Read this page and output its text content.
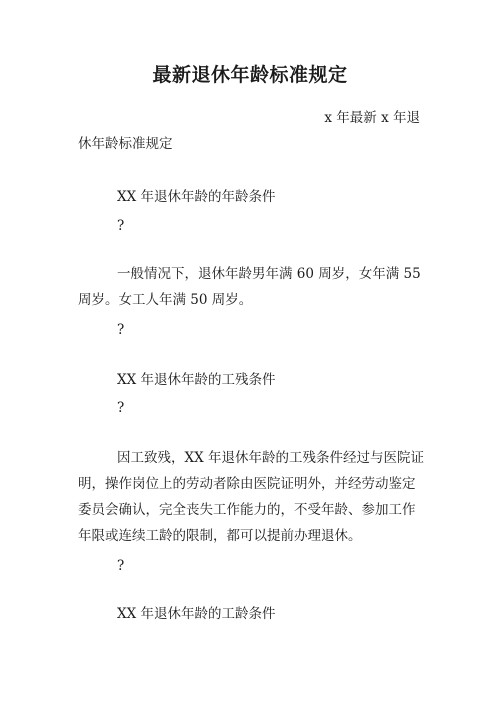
最新退休年龄标准规定

x 年最新 x 年退

休年龄标准规定

XX 年退休年龄的年龄条件

?

一般情况下，退休年龄男年满 60 周岁，女年满 55

周岁。女工人年满 50 周岁。

?

XX 年退休年龄的工残条件

?

因工致残，XX 年退休年龄的工残条件经过与医院证

明，操作岗位上的劳动者除由医院证明外，并经劳动鉴定

委员会确认，完全丧失工作能力的，不受年龄、参加工作

年限或连续工龄的限制，都可以提前办理退休。

?

XX 年退休年龄的工龄条件
